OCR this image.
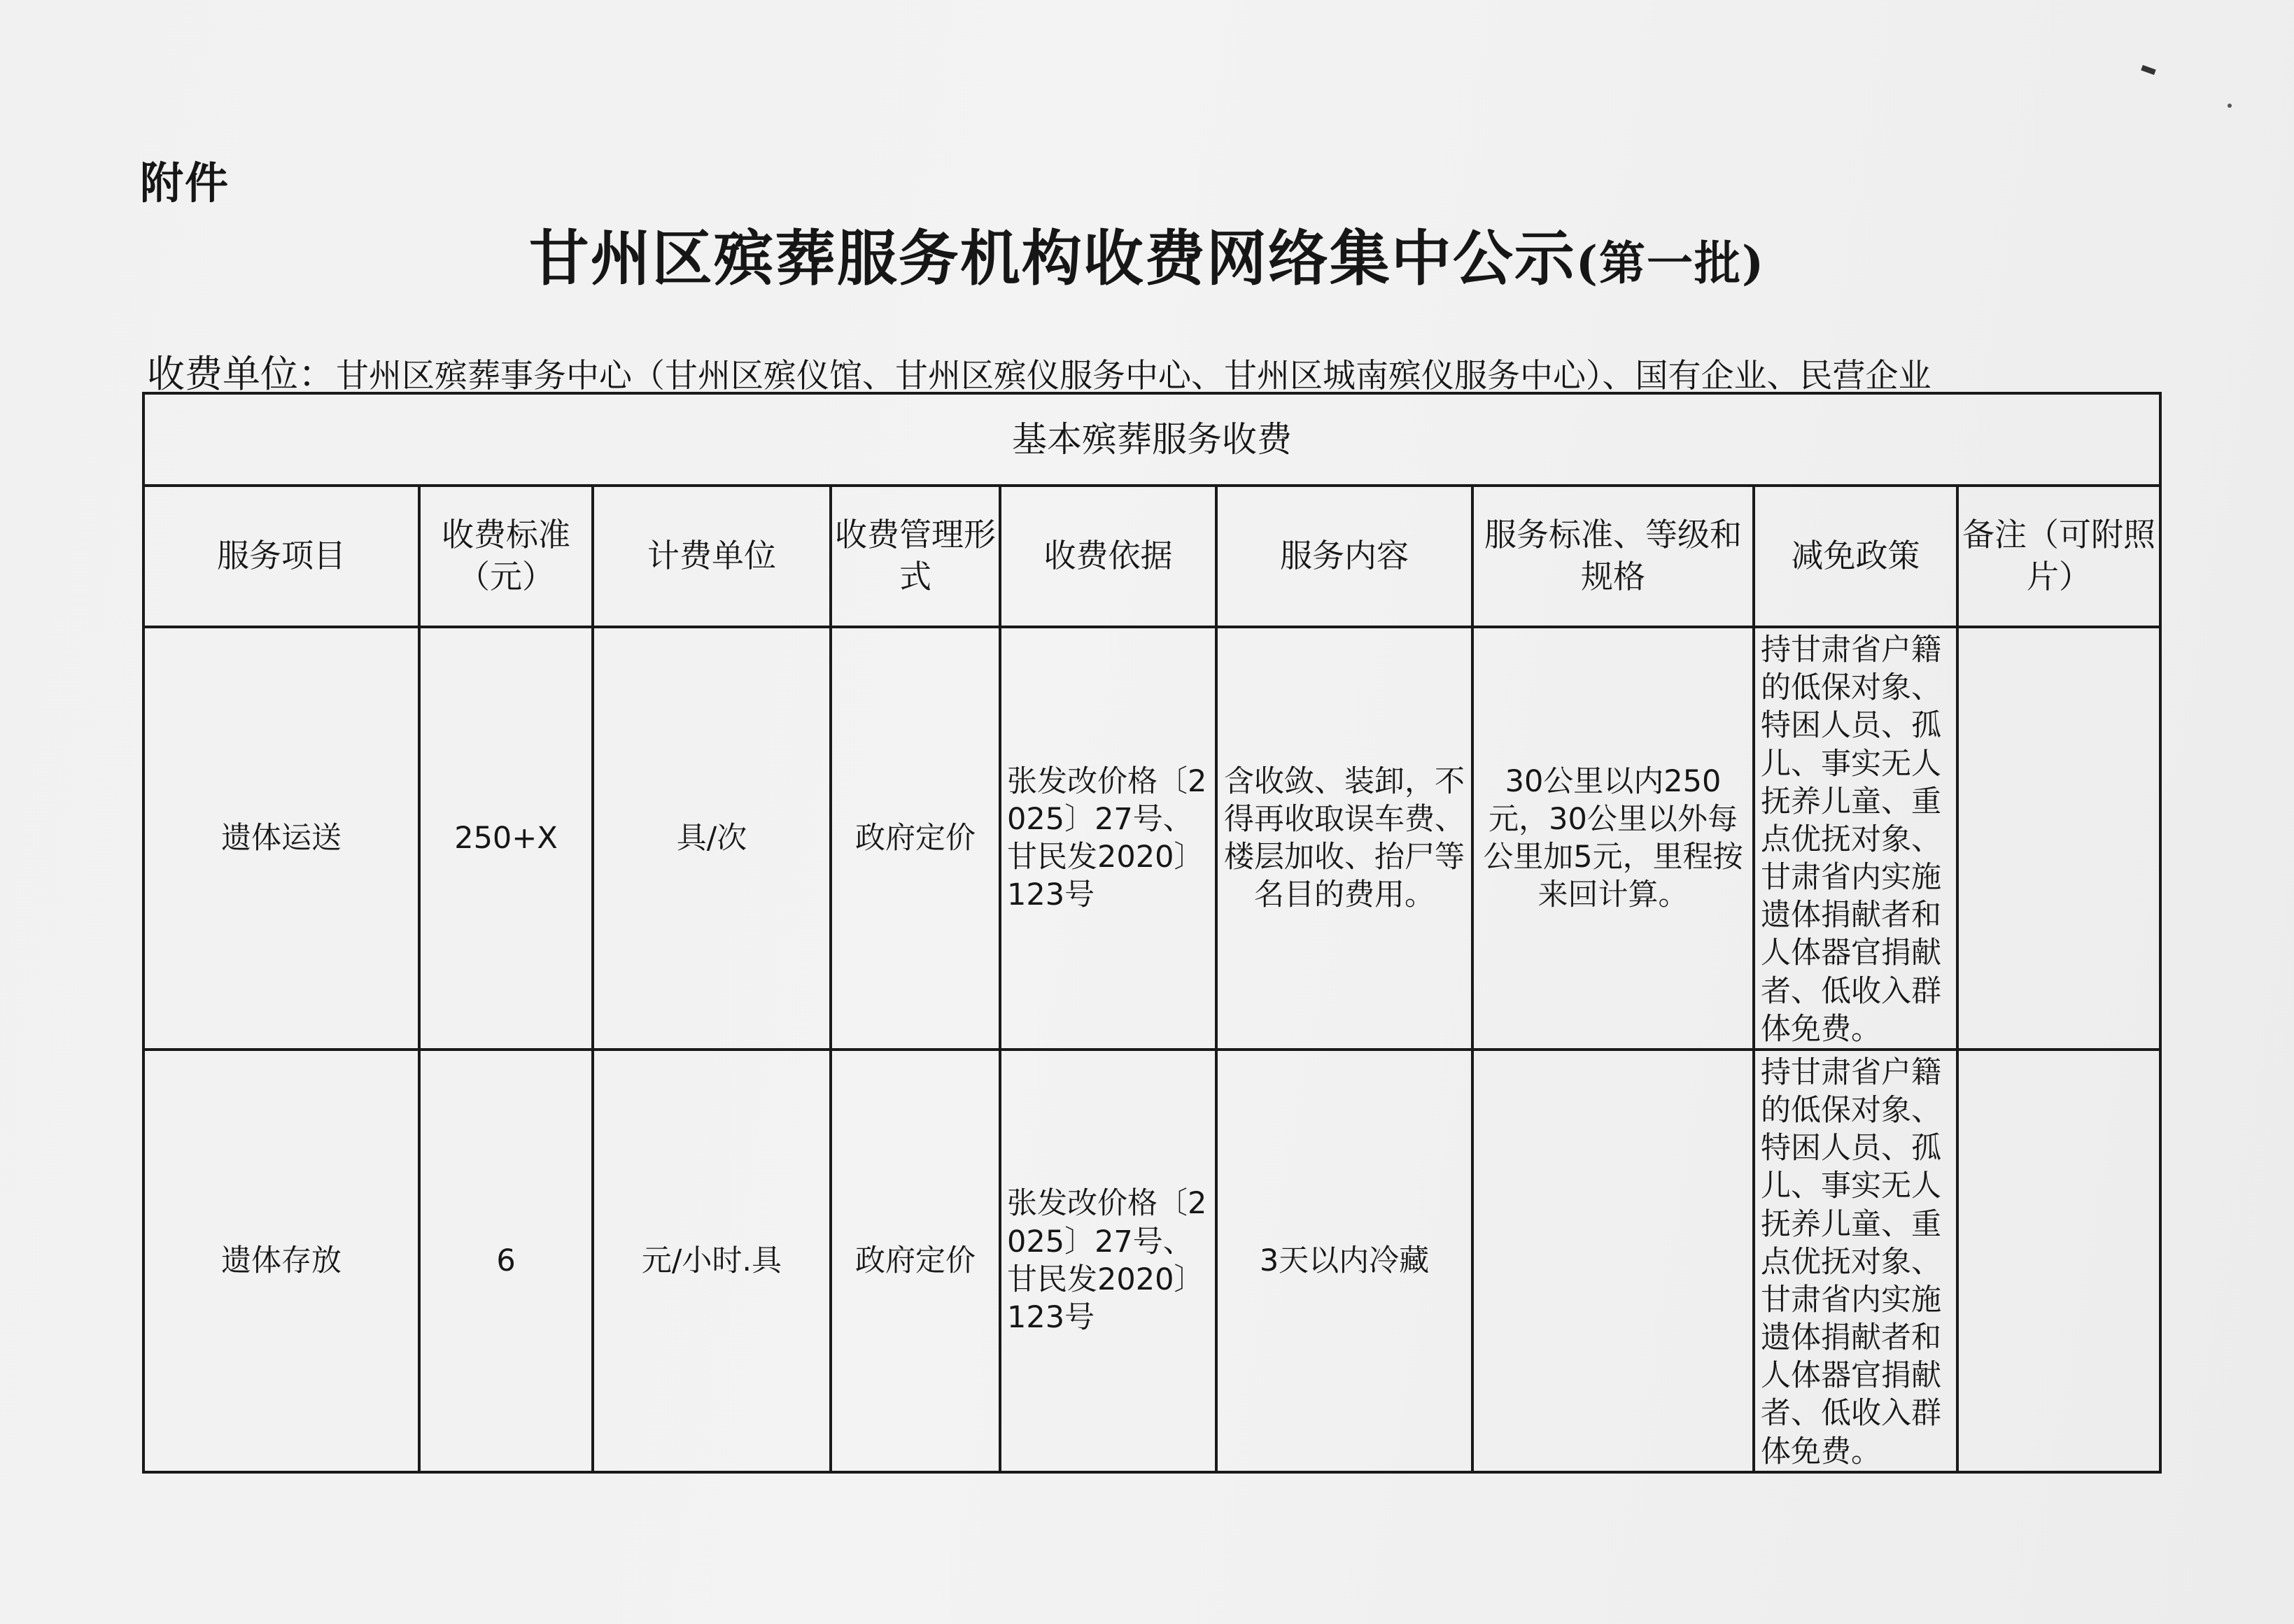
附件
甘州区殡葬服务机构收费网络集中公示(第一批)
收费单位：甘州区殡葬事务中心（甘州区殡仪馆、甘州区殡仪服务中心、甘州区城南殡仪服务中心）、国有企业、民营企业
基本殡葬服务收费								
服务项目	收费标准（元）	计费单位	收费管理形式	收费依据	服务内容	服务标准、等级和规格	减免政策	备注（可附照片）
遗体运送	250+X	具/次	政府定价	张发改价格〔2025〕27号、甘民发2020〕123号	含收敛、装卸，不得再收取误车费、楼层加收、抬尸等名目的费用。	30公里以内250元，30公里以外每公里加5元，里程按来回计算。	持甘肃省户籍的低保对象、特困人员、孤儿、事实无人抚养儿童、重点优抚对象、甘肃省内实施遗体捐献者和人体器官捐献者、低收入群体免费。	
遗体存放	6	元/小时.具	政府定价	张发改价格〔2025〕27号、甘民发2020〕123号	3天以内冷藏		持甘肃省户籍的低保对象、特困人员、孤儿、事实无人抚养儿童、重点优抚对象、甘肃省内实施遗体捐献者和人体器官捐献者、低收入群体免费。	
